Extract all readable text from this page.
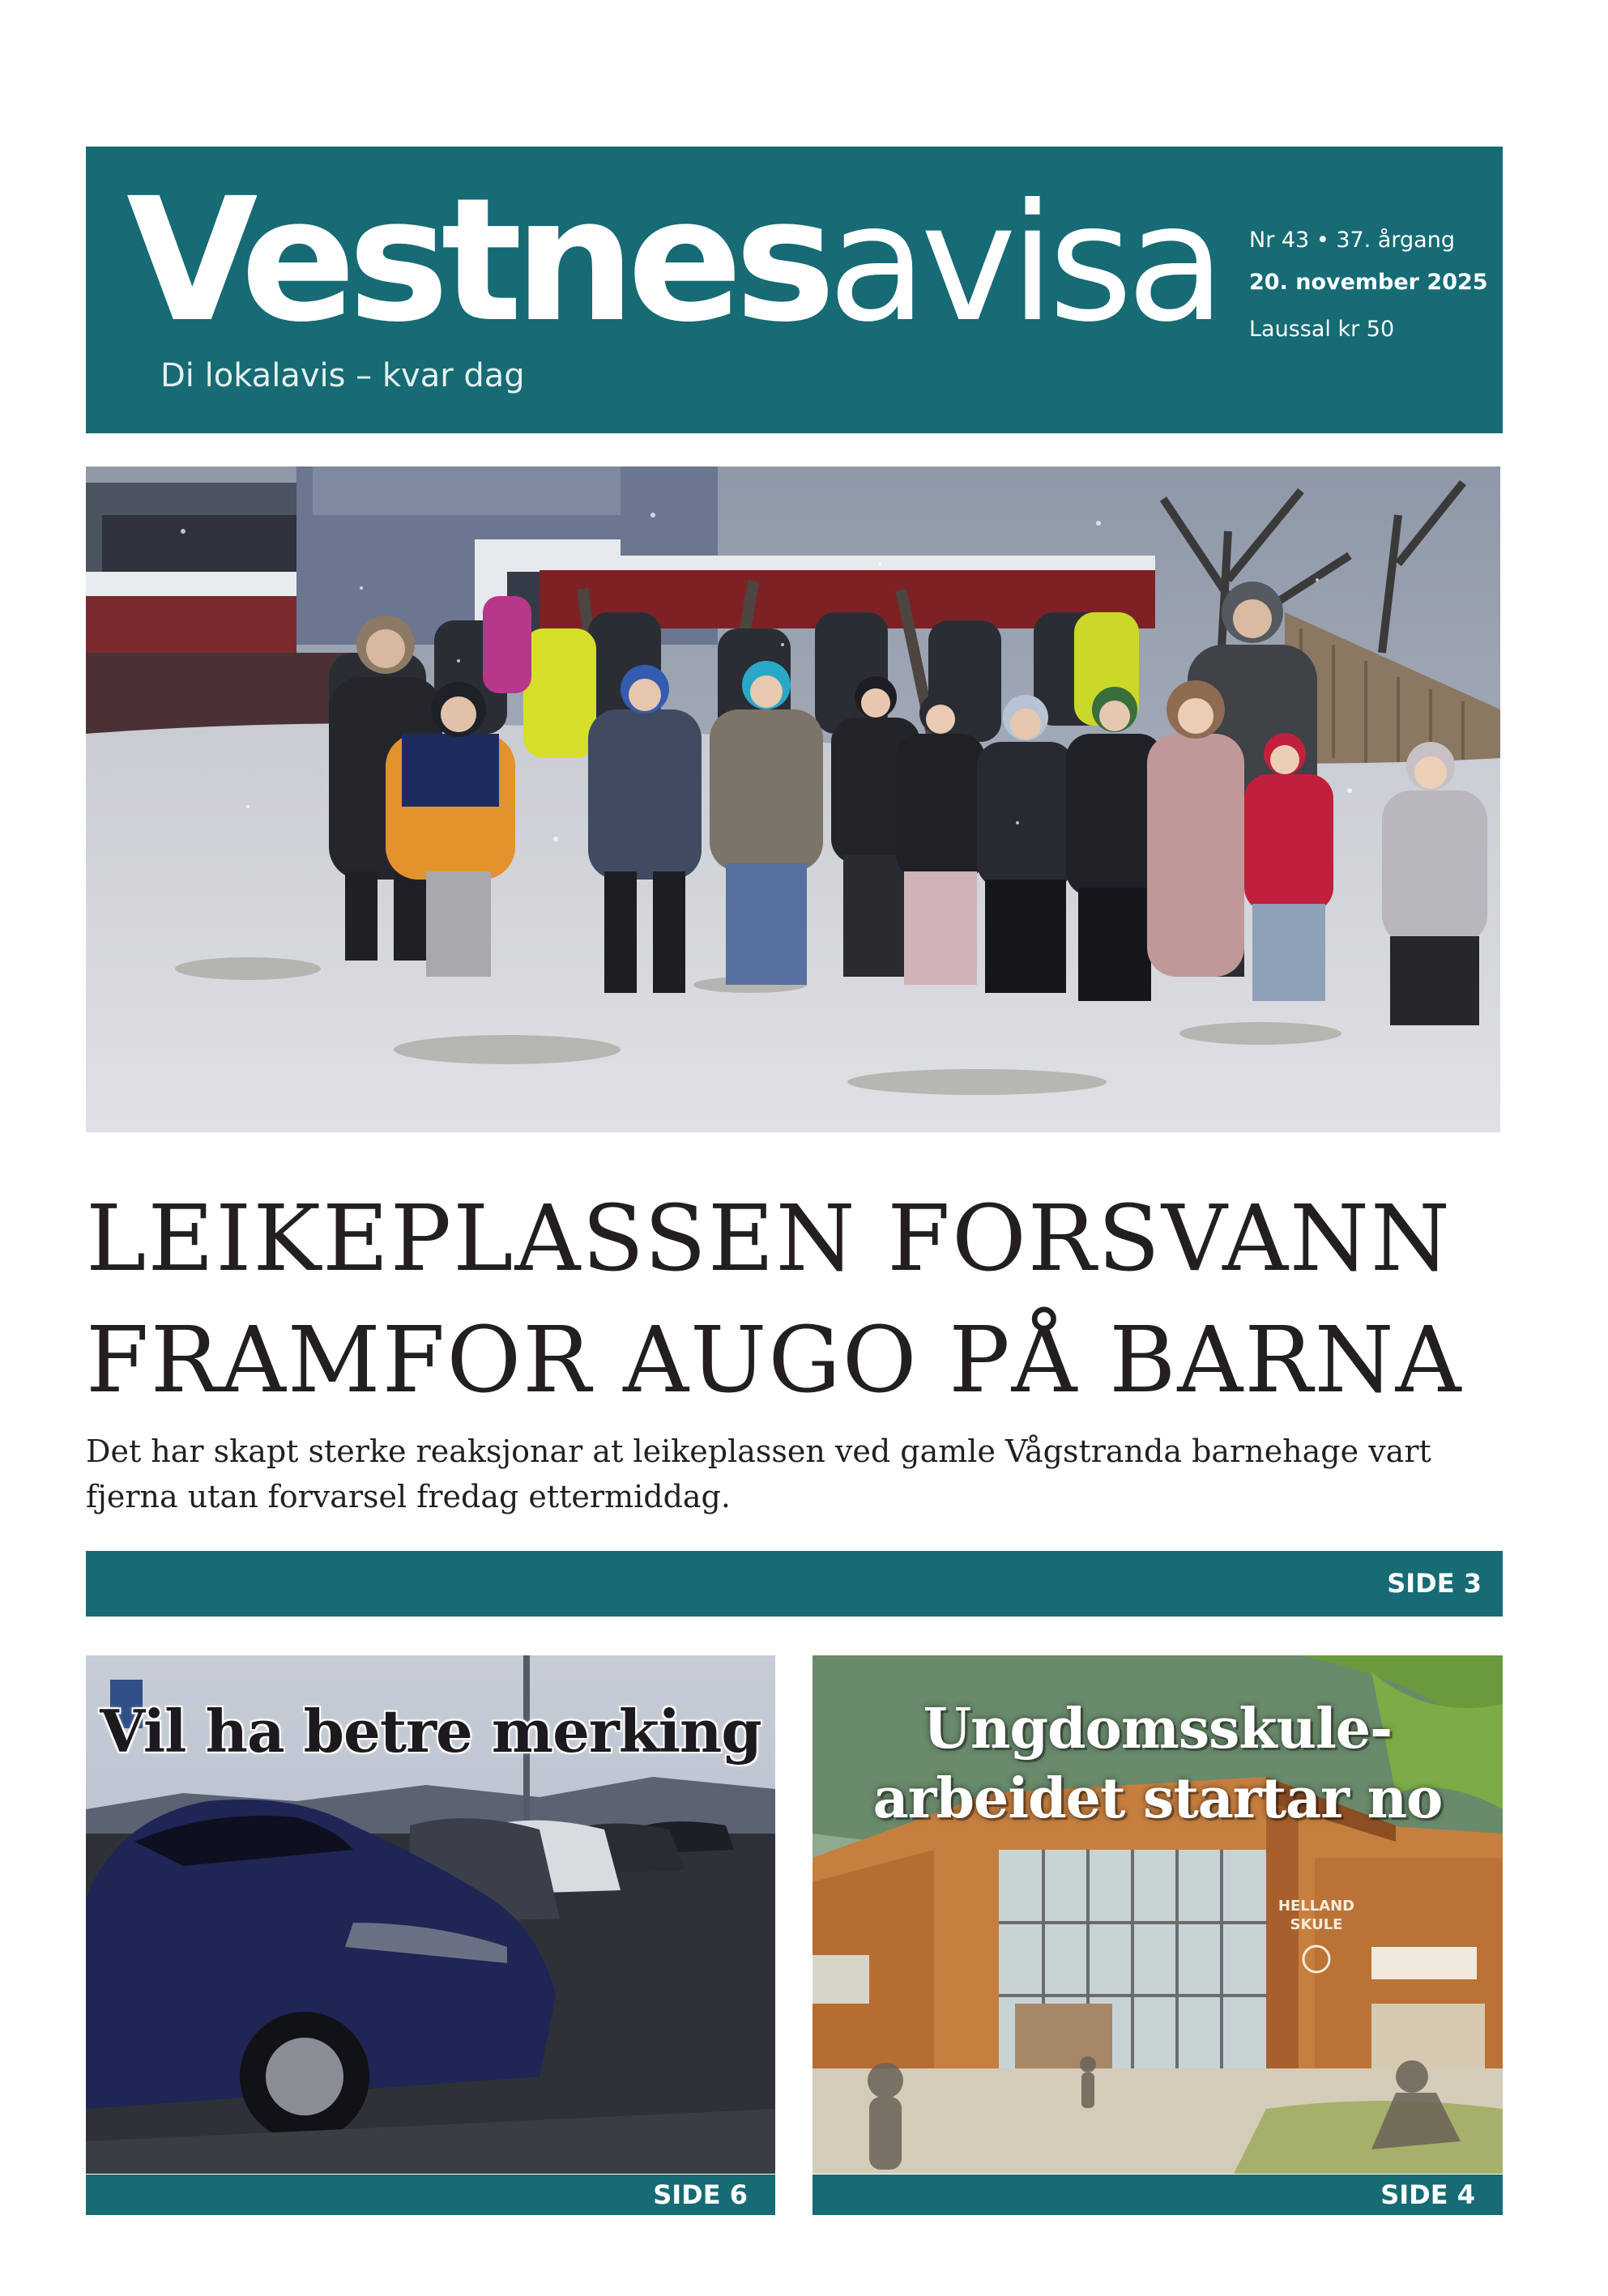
Vestnesavisa
Di lokalavis – kvar dag
Nr 43 • 37. årgang
20. november 2025
Laussal kr 50
LEIKEPLASSEN FORSVANN
FRAMFOR AUGO PÅ BARNA

Det har skapt sterke reaksjonar at leikeplassen ved gamle Vågstranda barnehage vart fjerna utan forvarsel fredag ettermiddag.

SIDE 3
Vil ha betre merking
SIDE 6
HELLAND
SKULE
Ungdomsskule-
arbeidet startar no
SIDE 4
